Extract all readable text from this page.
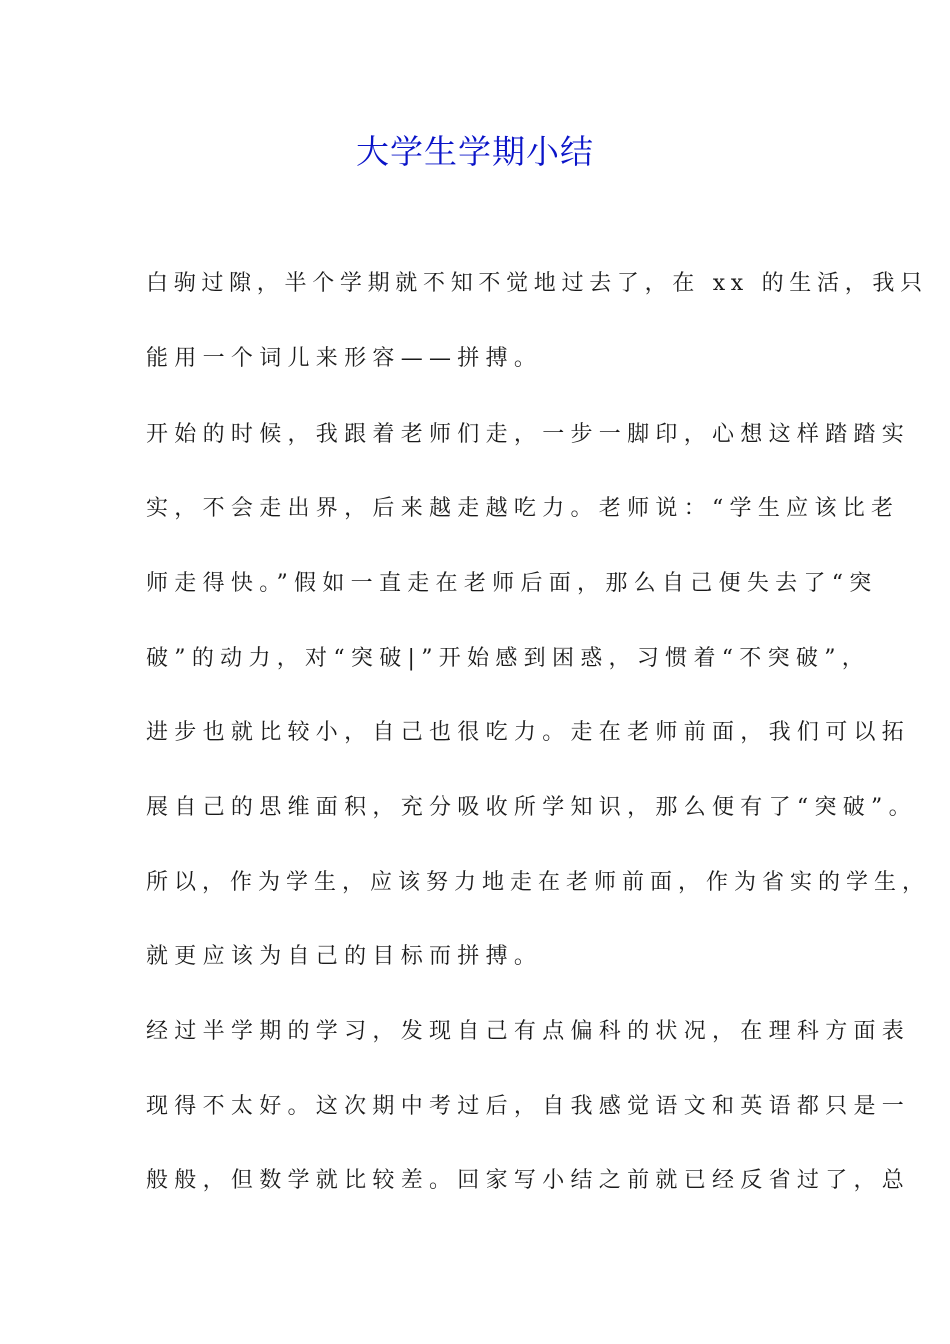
大学生学期小结

白驹过隙，半个学期就不知不觉地过去了，在 xx 的生活，我只

能用一个词儿来形容——拼搏。

开始的时候，我跟着老师们走，一步一脚印，心想这样踏踏实

实，不会走出界，后来越走越吃力。老师说：“学生应该比老

师走得快。”假如一直走在老师后面，那么自己便失去了“突

破”的动力，对“突破|”开始感到困惑，习惯着“不突破”，

进步也就比较小，自己也很吃力。走在老师前面，我们可以拓

展自己的思维面积，充分吸收所学知识，那么便有了“突破”。

所以，作为学生，应该努力地走在老师前面，作为省实的学生，

就更应该为自己的目标而拼搏。

经过半学期的学习，发现自己有点偏科的状况，在理科方面表

现得不太好。这次期中考过后，自我感觉语文和英语都只是一

般般，但数学就比较差。回家写小结之前就已经反省过了，总
